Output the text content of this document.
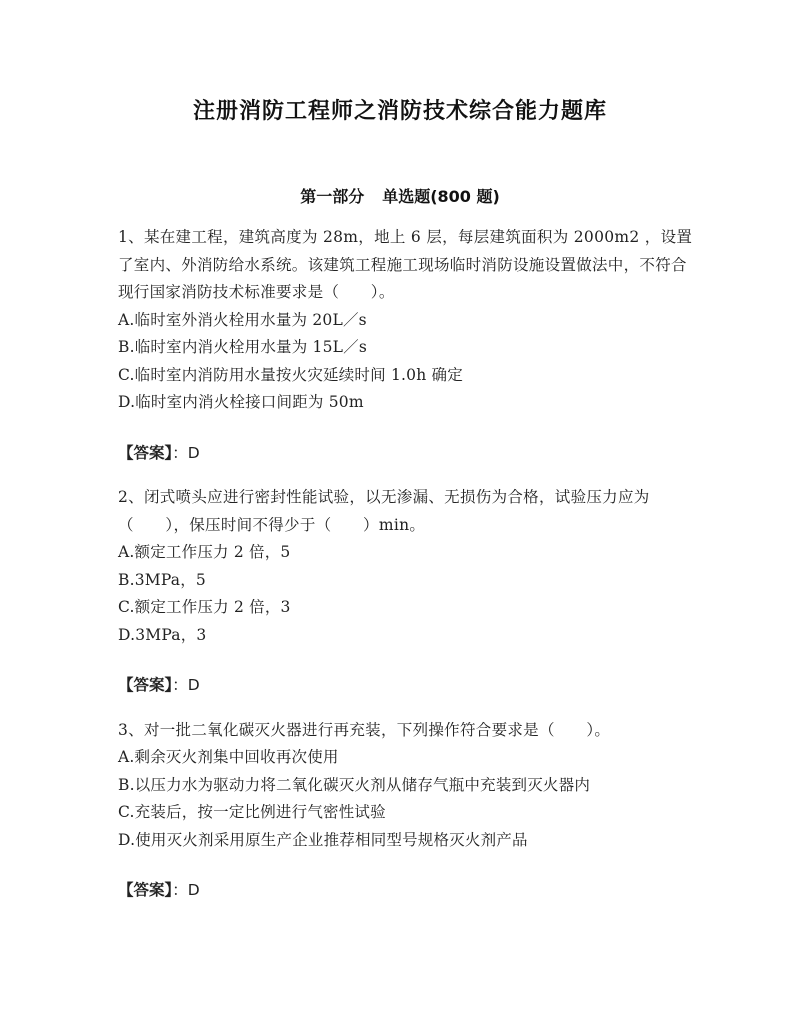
注册消防工程师之消防技术综合能力题库
第一部分 单选题(800 题)

1、某在建工程，建筑高度为 28m，地上 6 层，每层建筑面积为 2000m2 ，设置了室内、外消防给水系统。该建筑工程施工现场临时消防设施设置做法中，不符合现行国家消防技术标准要求是（　　）。

A.临时室外消火栓用水量为 20L／s

B.临时室内消火栓用水量为 15L／s

C.临时室内消防用水量按火灾延续时间 1.0h 确定

D.临时室内消火栓接口间距为 50m

【答案】：D

2、闭式喷头应进行密封性能试验，以无渗漏、无损伤为合格，试验压力应为（　　），保压时间不得少于（　　）min。

A.额定工作压力 2 倍，5

B.3MPa，5

C.额定工作压力 2 倍，3

D.3MPa，3

【答案】：D

3、对一批二氧化碳灭火器进行再充装，下列操作符合要求是（　　）。

A.剩余灭火剂集中回收再次使用

B.以压力水为驱动力将二氧化碳灭火剂从储存气瓶中充装到灭火器内

C.充装后，按一定比例进行气密性试验

D.使用灭火剂采用原生产企业推荐相同型号规格灭火剂产品

【答案】：D
